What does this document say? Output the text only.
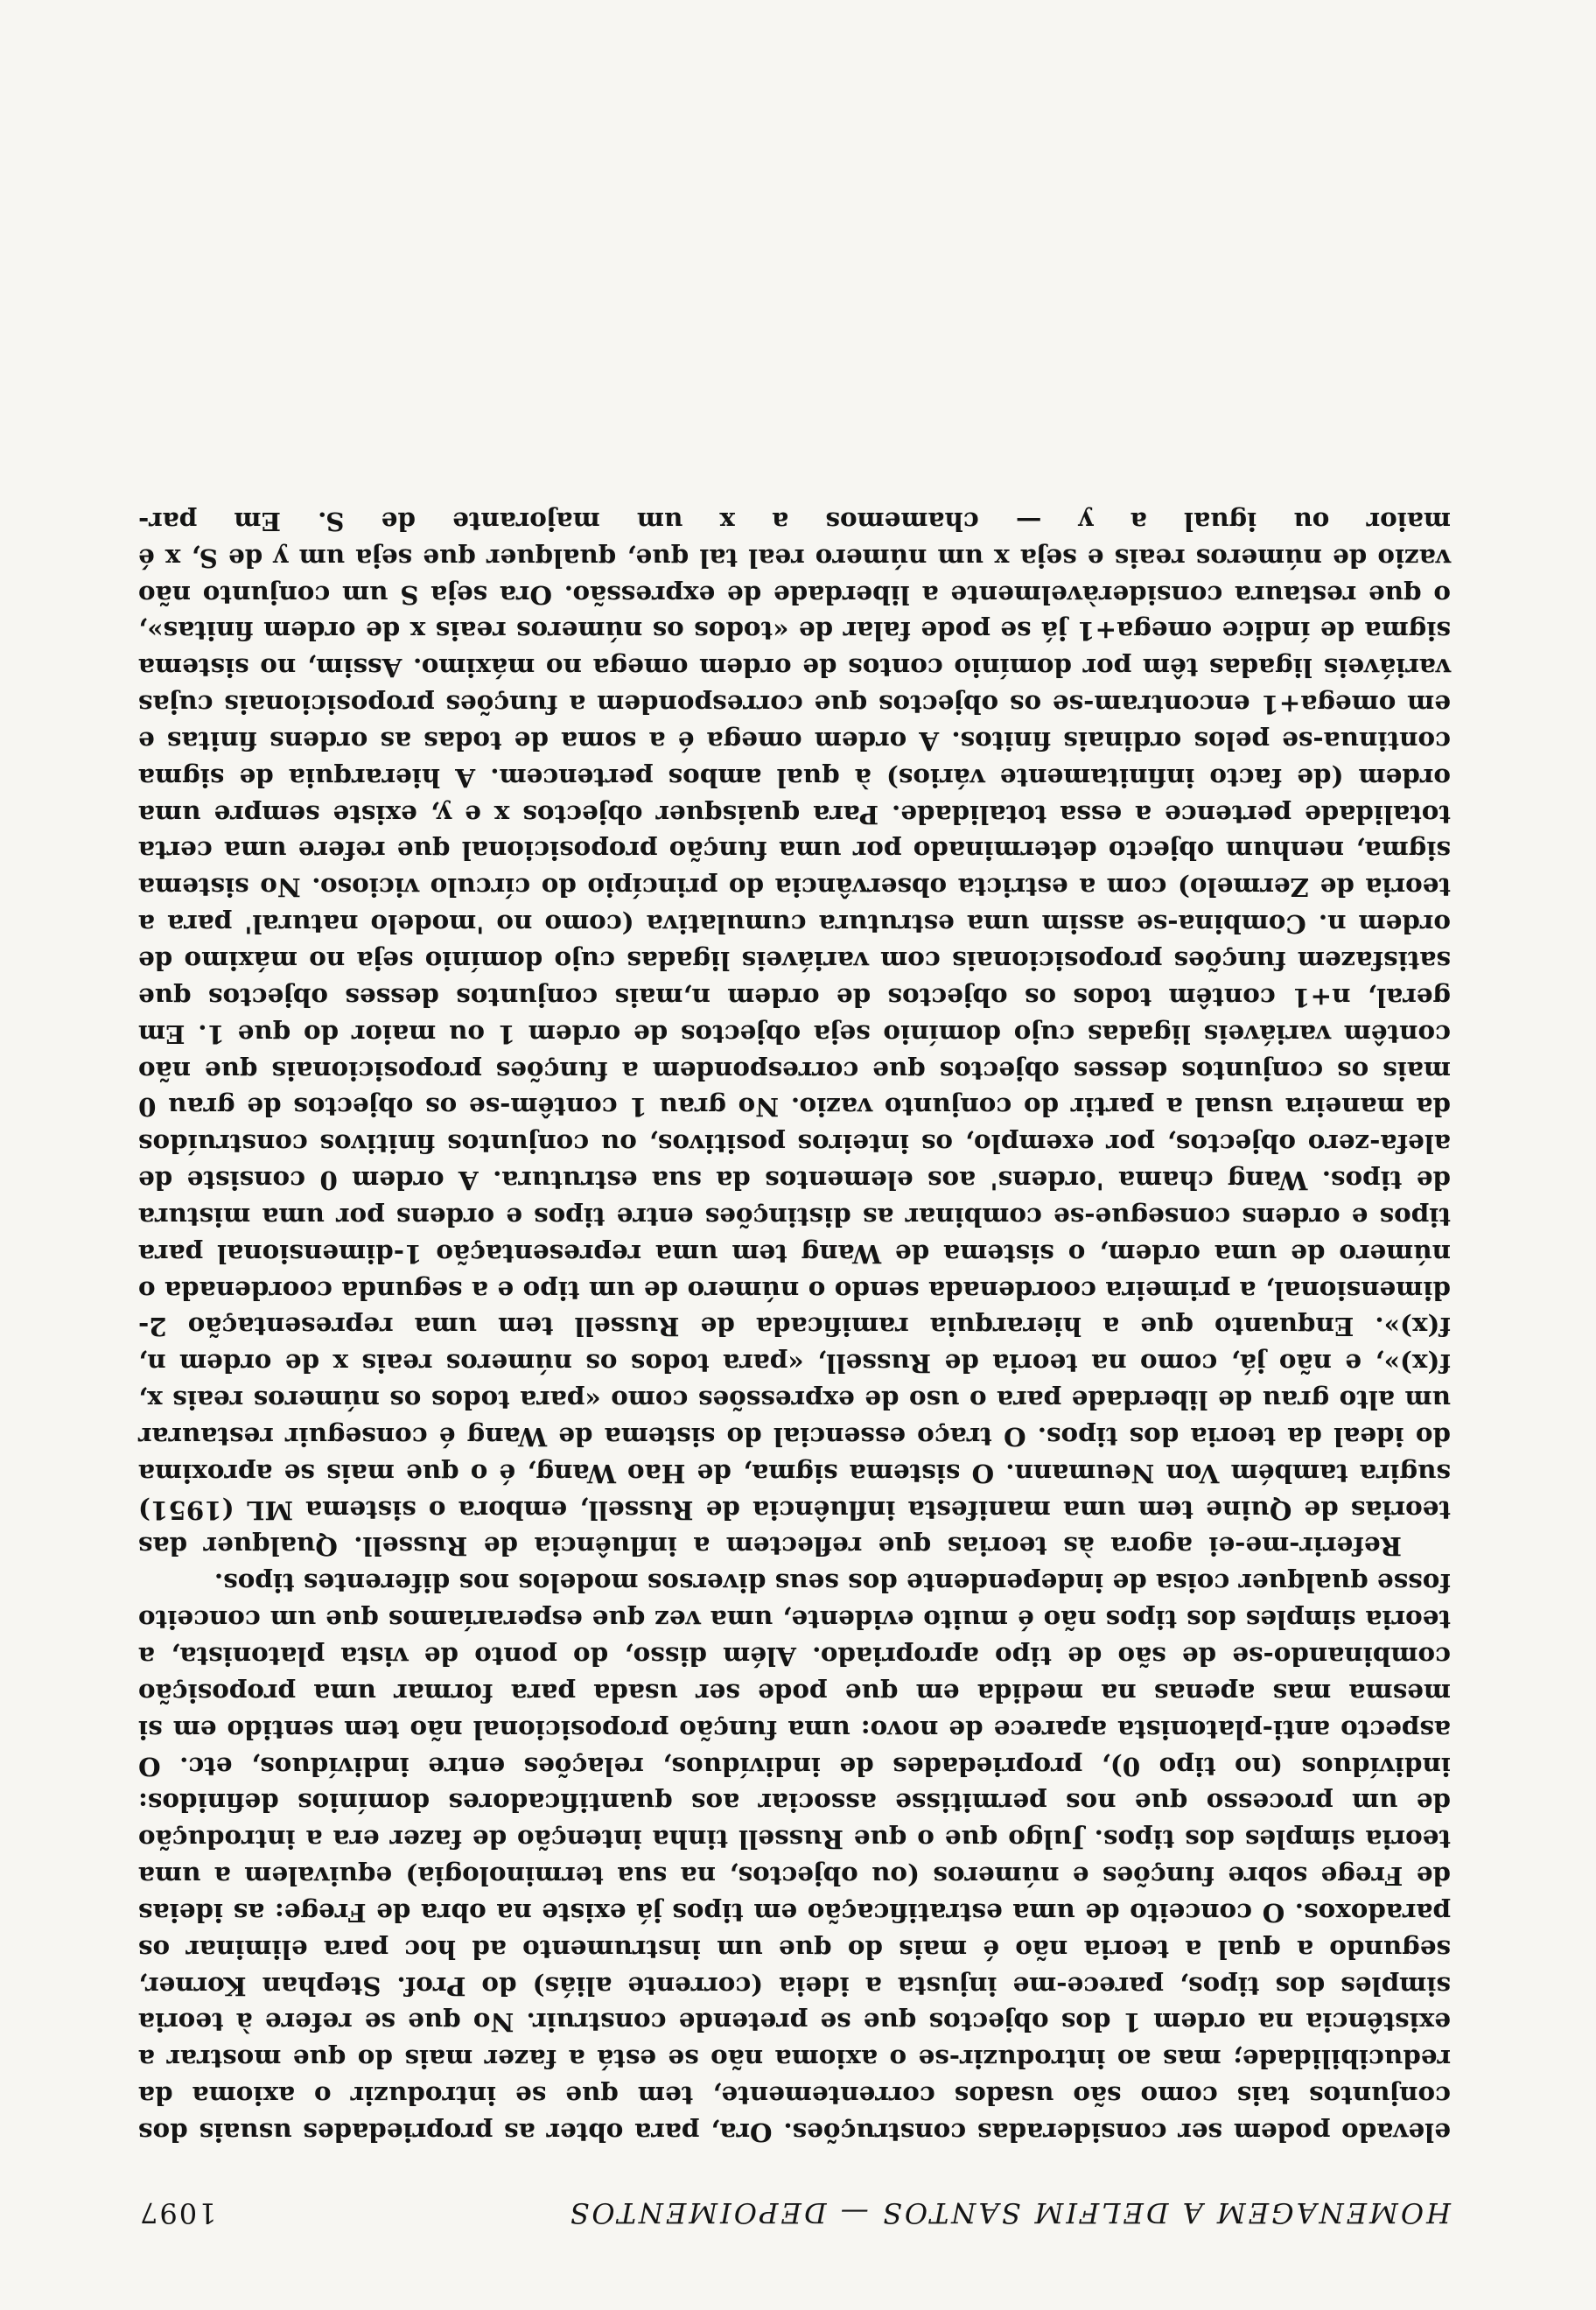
HOMENAGEM A DELFIM SANTOS — DEPOIMENTOS
1097

elevado podem ser consideradas construções. Ora, para obter as propriedades usuais dos conjuntos tais como são usados correntemente, tem que se introduzir o axioma da reducibilidade; mas ao introduzir-se o axioma não se está a fazer mais do que mostrar a existência na ordem 1 dos objectos que se pretende construir. No que se refere à teoria simples dos tipos, parece-me injusta a ideia (corrente aliás) do Prof. Stephan Korner, segundo a qual a teoria não é mais do que um instrumento ad hoc para eliminar os paradoxos. O conceito de uma estratificação em tipos já existe na obra de Frege: as ideias de Frege sobre funções e números (ou objectos, na sua terminologia) equivalem a uma teoria simples dos tipos. Julgo que o que Russell tinha intenção de fazer era a introdução de um processo que nos permitisse associar aos quantificadores domínios definidos: indivíduos (no tipo 0), propriedades de indivíduos, relações entre indivíduos, etc. O aspecto anti-platonista aparece de novo: uma função proposicional não tem sentido em si mesma mas apenas na medida em que pode ser usada para formar uma proposição combinando-se de são de tipo apropriado. Além disso, do ponto de vista platonista, a teoria simples dos tipos não é muito evidente, uma vez que esperaríamos que um conceito fosse qualquer coisa de independente dos seus diversos modelos nos diferentes tipos.

Referir-me-ei agora às teorias que reflectem a influência de Russell. Qualquer das teorias de Quine tem uma manifesta influência de Russell, embora o sistema ML (1951) sugira também Von Neumann. O sistema sigma, de Hao Wang, é o que mais se aproxima do ideal da teoria dos tipos. O traço essencial do sistema de Wang é conseguir restaurar um alto grau de liberdade para o uso de expressões como «para todos os números reais x, f(x)», e não já, como na teoria de Russell, «para todos os números reais x de ordem n, f(x)». Enquanto que a hierarquia ramificada de Russell tem uma representação 2-dimensional, a primeira coordenada sendo o número de um tipo e a segunda coordenada o número de uma ordem, o sistema de Wang tem uma representação 1-dimensional para tipos e ordens consegue-se combinar as distinções entre tipos e ordens por uma mistura de tipos. Wang chama 'ordens' aos elementos da sua estrutura. A ordem 0 consiste de alefa-zero objectos, por exemplo, os inteiros positivos, ou conjuntos finitivos construídos da maneira usual a partir do conjunto vazio. No grau 1 contêm-se os objectos de grau 0 mais os conjuntos desses objectos que correspondem a funções proposicionais que não contêm variáveis ligadas cujo domínio seja objectos de ordem 1 ou maior do que 1. Em geral, n+1 contêm todos os objectos de ordem n,mais conjuntos desses objectos que satisfazem funções proposicionais com variáveis ligadas cujo domínio seja no máximo de ordem n. Combina-se assim uma estrutura cumulativa (como no 'modelo natural' para a teoria de Zermelo) com a estricta observância do princípio do círculo vicioso. No sistema sigma, nenhum objecto determinado por uma função proposicional que refere uma certa totalidade pertence a essa totalidade. Para quaisquer objectos x e y, existe sempre uma ordem (de facto infinitamente vários) à qual ambos pertencem. A hierarquia de sigma continua-se pelos ordinais finitos. A ordem omega é a soma de todas as ordens finitas e em omega+1 encontram-se os objectos que correspondem a funções proposicionais cujas variáveis ligadas têm por domínio contos de ordem omega no máximo. Assim, no sistema sigma de índice omega+1 já se pode falar de «todos os números reais x de ordem finitas», o que restaura consideràvelmente a liberdade de expressão. Ora seja S um conjunto não vazio de números reais e seja x um número real tal que, qualquer que seja um y de S, x é maior ou igual a y — chamemos a x um majorante de S. Em par-
